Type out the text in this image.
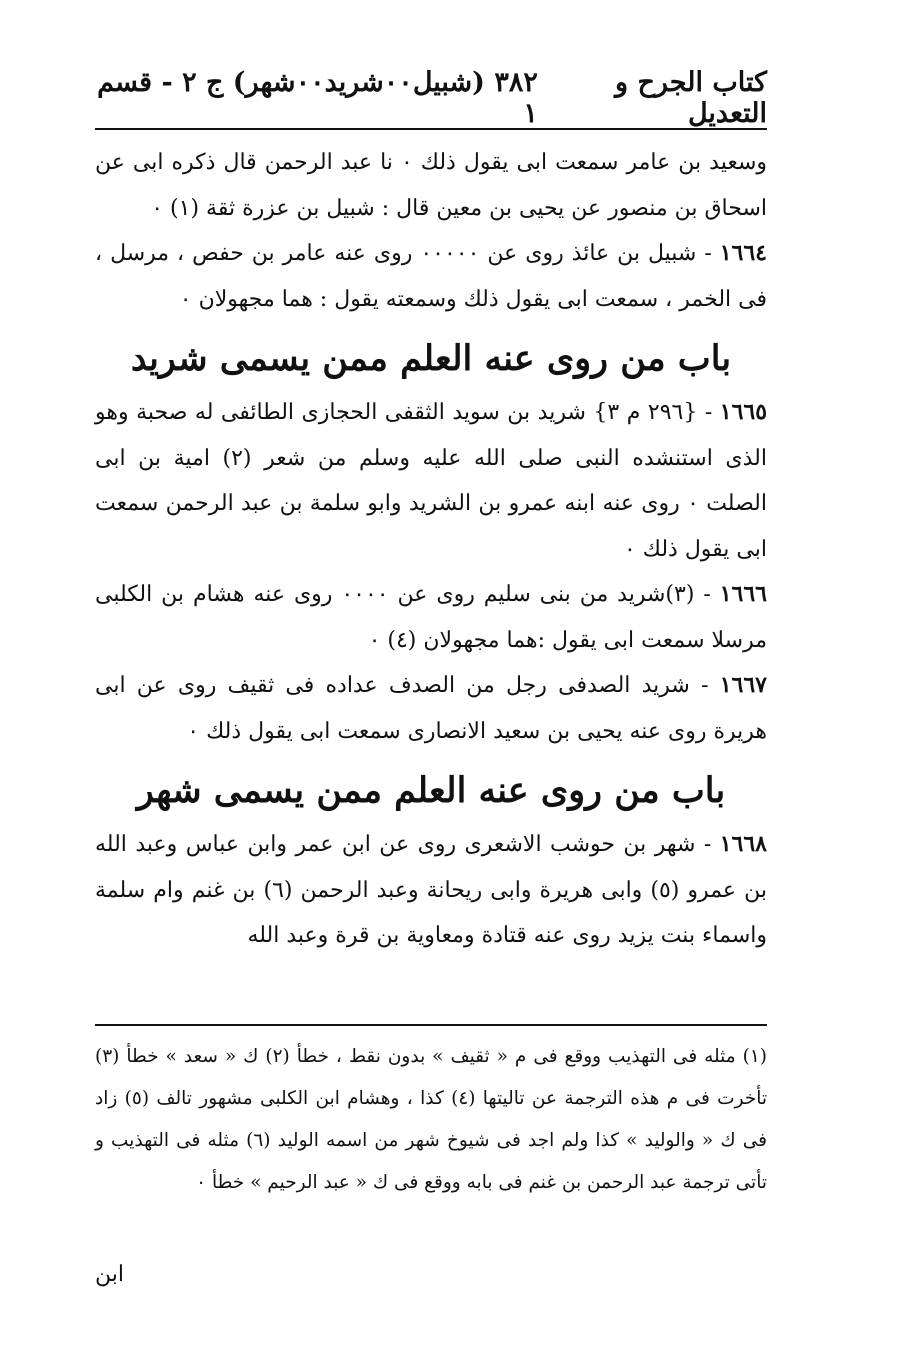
كتاب الجرح و التعديل
٣٨٢ (شبيل٠٠شريد٠٠شهر) ج ٢ - قسم ١

وسعيد بن عامر سمعت ابى يقول ذلك ٠ نا عبد الرحمن قال ذكره ابى عن اسحاق بن منصور عن يحيى بن معين قال : شبيل بن عزرة ثقة (١) ٠

١٦٦٤ - شبيل بن عائذ روى عن ٠٠٠٠٠ روى عنه عامر بن حفص ، مرسل ، فى الخمر ، سمعت ابى يقول ذلك وسمعته يقول : هما مجهولان ٠

باب من روى عنه العلم ممن يسمى شريد

١٦٦٥ - {٢٩٦ م ٣} شريد بن سويد الثقفى الحجازى الطائفى له صحبة وهو الذى استنشده النبى صلى الله عليه وسلم من شعر (٢) امية بن ابى الصلت ٠ روى عنه ابنه عمرو بن الشريد وابو سلمة بن عبد الرحمن سمعت ابى يقول ذلك ٠

١٦٦٦ - (٣)شريد من بنى سليم روى عن ٠٠٠٠ روى عنه هشام بن الكلبى مرسلا سمعت ابى يقول :هما مجهولان (٤) ٠

١٦٦٧ - شريد الصدفى رجل من الصدف عداده فى ثقيف روى عن ابى هريرة روى عنه يحيى بن سعيد الانصارى سمعت ابى يقول ذلك ٠

باب من روى عنه العلم ممن يسمى شهر

١٦٦٨ - شهر بن حوشب الاشعرى روى عن ابن عمر وابن عباس وعبد الله بن عمرو (٥) وابى هريرة وابى ريحانة وعبد الرحمن (٦) بن غنم وام سلمة واسماء بنت يزيد روى عنه قتادة ومعاوية بن قرة وعبد الله

(١) مثله فى التهذيب ووقع فى م « ثقيف » بدون نقط ، خطأ (٢) ك « سعد » خطأ (٣) تأخرت فى م هذه الترجمة عن تاليتها (٤) كذا ، وهشام ابن الكلبى مشهور تالف (٥) زاد فى ك « والوليد » كذا ولم اجد فى شيوخ شهر من اسمه الوليد (٦) مثله فى التهذيب و تأتى ترجمة عبد الرحمن بن غنم فى بابه ووقع فى ك « عبد الرحيم » خطأ ٠

ابن
